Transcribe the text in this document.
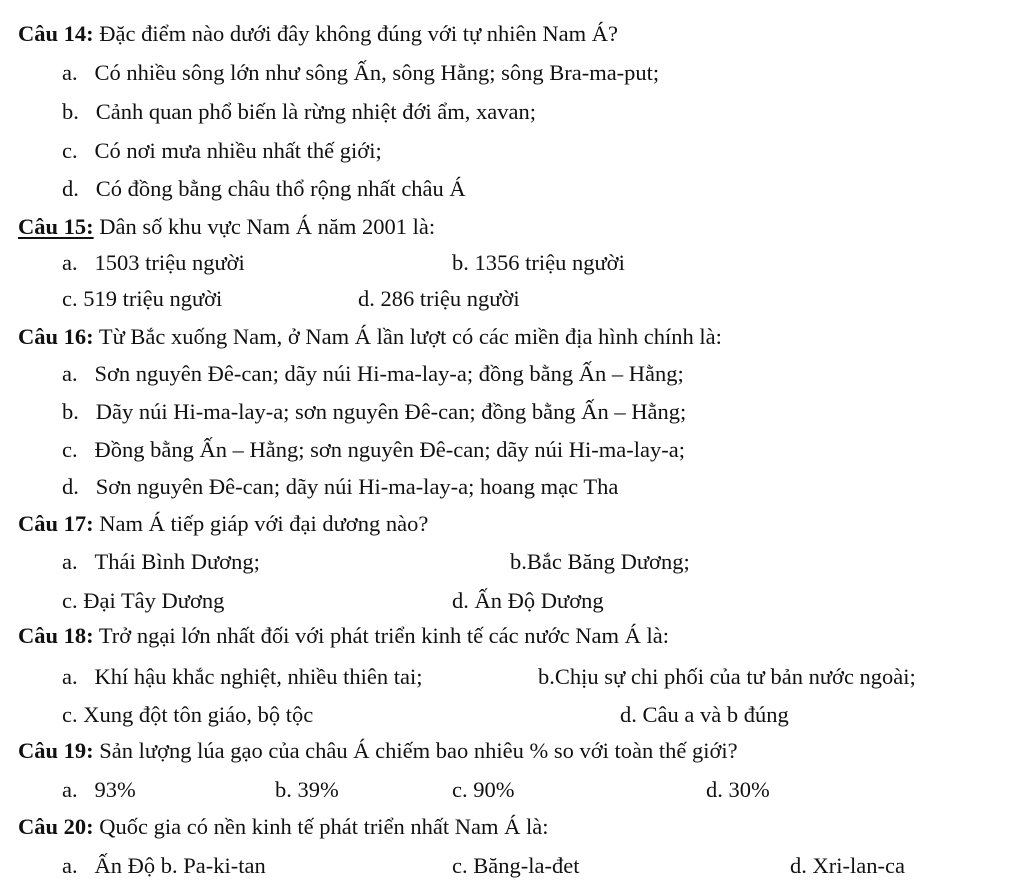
Câu 14: Đặc điểm nào dưới đây không đúng với tự nhiên Nam Á?
a.   Có nhiều sông lớn như sông Ấn, sông Hằng; sông Bra-ma-put;
b.   Cảnh quan phổ biến là rừng nhiệt đới ẩm, xavan;
c.   Có nơi mưa nhiều nhất thế giới;
d.   Có đồng bằng châu thổ rộng nhất châu Á
Câu 15: Dân số khu vực Nam Á năm 2001 là:
a.   1503 triệu người	b. 1356 triệu người
c. 519 triệu người	d. 286 triệu người
Câu 16: Từ Bắc xuống Nam, ở Nam Á lần lượt có các miền địa hình chính là:
a.   Sơn nguyên Đê-can; dãy núi Hi-ma-lay-a; đồng bằng Ấn – Hằng;
b.   Dãy núi Hi-ma-lay-a; sơn nguyên Đê-can; đồng bằng Ấn – Hằng;
c.   Đồng bằng Ấn – Hằng; sơn nguyên Đê-can; dãy núi Hi-ma-lay-a;
d.   Sơn nguyên Đê-can; dãy núi Hi-ma-lay-a; hoang mạc Tha
Câu 17: Nam Á tiếp giáp với đại dương nào?
a.   Thái Bình Dương;	b.Bắc Băng Dương;
c. Đại Tây Dương	d. Ấn Độ Dương
Câu 18: Trở ngại lớn nhất đối với phát triển kinh tế các nước Nam Á là:
a.   Khí hậu khắc nghiệt, nhiều thiên tai;	b.Chịu sự chi phối của tư bản nước ngoài;
c. Xung đột tôn giáo, bộ tộc	d. Câu a và b đúng
Câu 19: Sản lượng lúa gạo của châu Á chiếm bao nhiêu % so với toàn thế giới?
a.   93%	b. 39%	c. 90%	d. 30%
Câu 20: Quốc gia có nền kinh tế phát triển nhất Nam Á là:
a.   Ấn Độ b. Pa-ki-tan	c. Băng-la-đet	d. Xri-lan-ca
